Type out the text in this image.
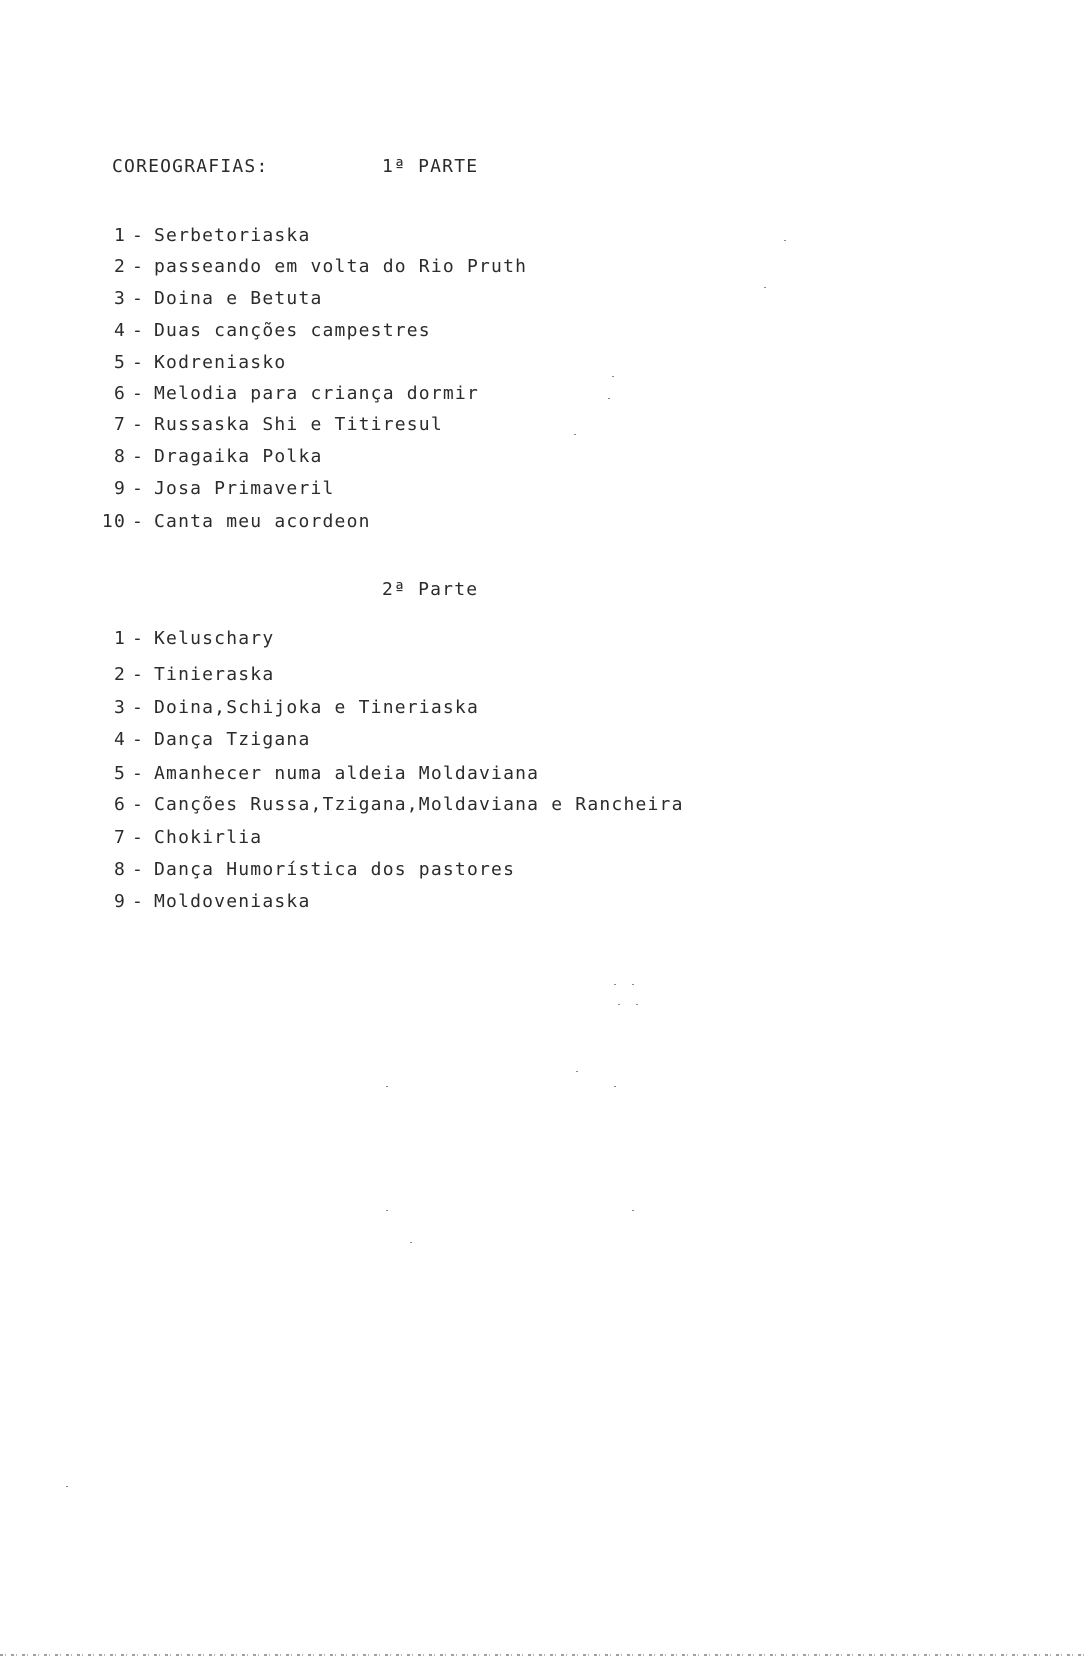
COREOGRAFIAS:	1ª PARTE
1 - Serbetoriaska
2 - passeando em volta do Rio Pruth
3 - Doina e Betuta
4 - Duas canções campestres
5 - Kodreniasko
6 - Melodia para criança dormir
7 - Russaska Shi e Titiresul
8 - Dragaika Polka
9 - Josa Primaveril
10 - Canta meu acordeon
2ª Parte
1 - Keluschary
2 - Tinieraska
3 - Doina,Schijoka e Tineriaska
4 - Dança Tzigana
5 - Amanhecer numa aldeia Moldaviana
6 - Canções Russa,Tzigana,Moldaviana e Rancheira
7 - Chokirlia
8 - Dança Humorística dos pastores
9 - Moldoveniaska
